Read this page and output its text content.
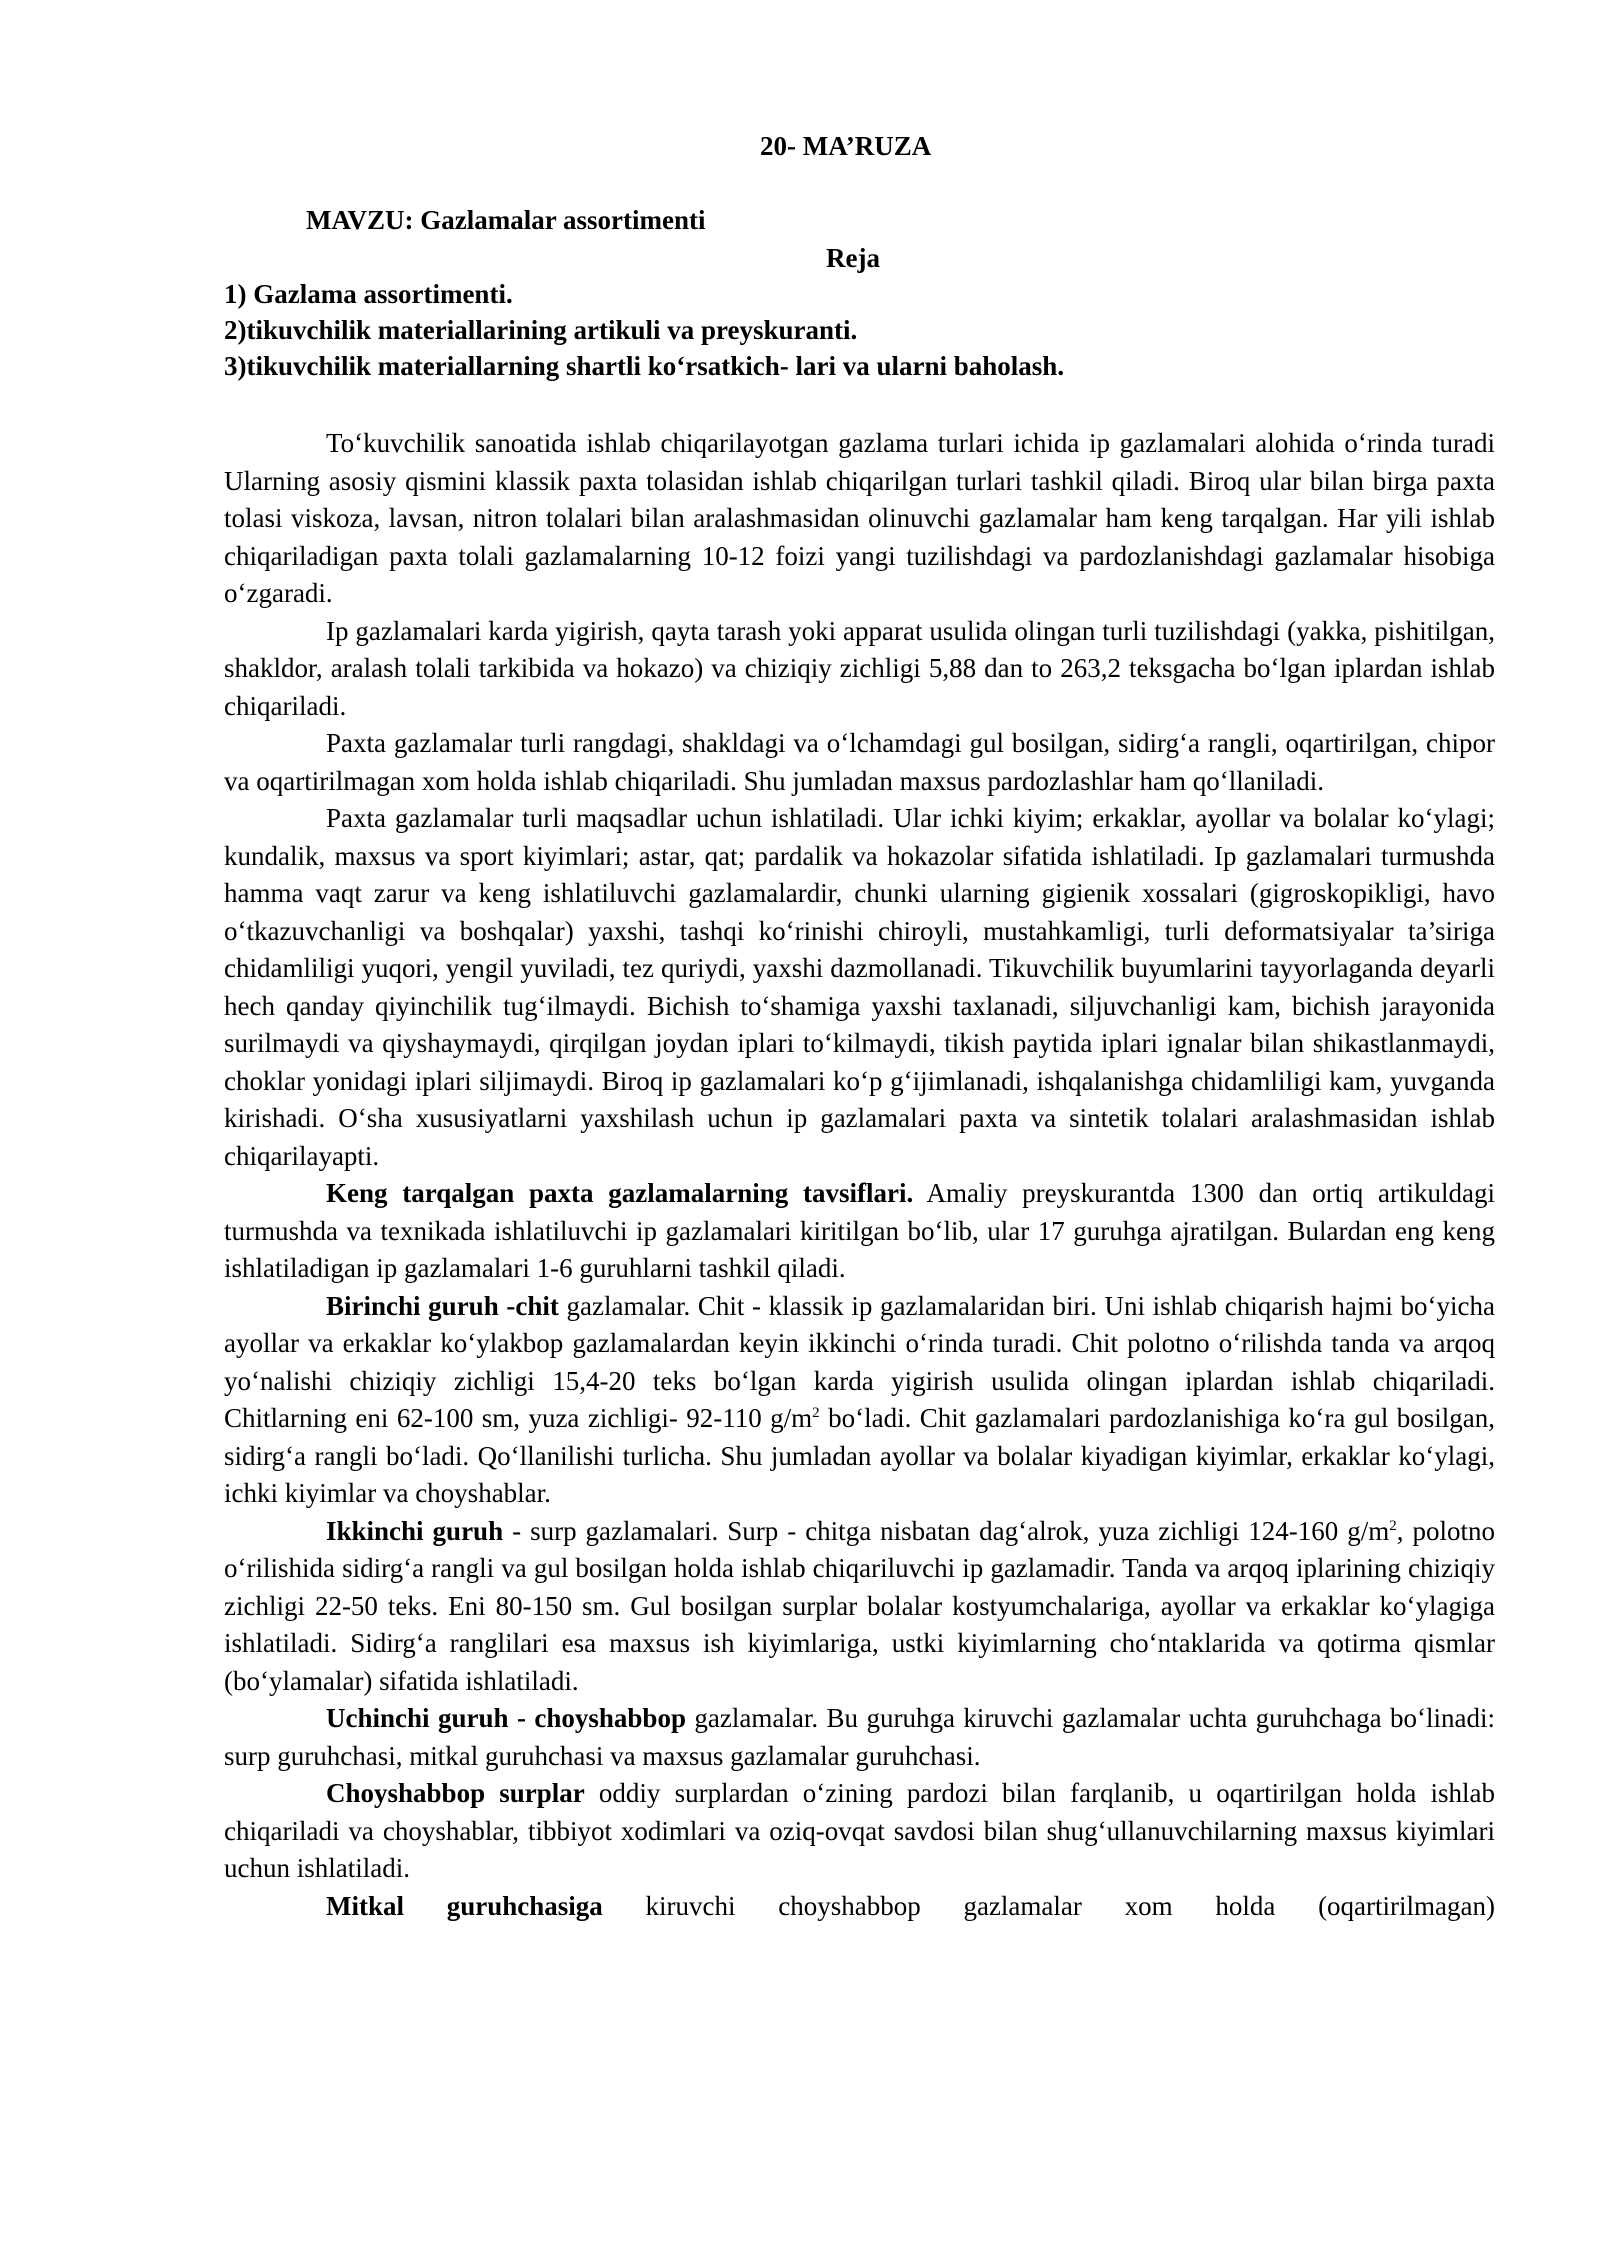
20- MA’RUZA
MAVZU: Gazlamalar assortimenti
Reja
1) Gazlama assortimenti.
2)tikuvchilik materiallarining artikuli va preyskuranti.
3)tikuvchilik materiallarning shartli ko‘rsatkich- lari va ularni baholash.

To‘kuvchilik sanoatida ishlab chiqarilayotgan gazlama turlari ichida ip gazlamalari alohida o‘rinda turadi Ularning asosiy qismini klassik paxta tolasidan ishlab chiqarilgan turlari tashkil qiladi. Biroq ular bilan birga paxta tolasi viskoza, lavsan, nitron tolalari bilan aralashmasidan olinuvchi gazlamalar ham keng tarqalgan. Har yili ishlab chiqariladigan paxta tolali gazlamalarning 10-12 foizi yangi tuzilishdagi va pardozlanishdagi gazlamalar hisobiga o‘zgaradi.

Ip gazlamalari karda yigirish, qayta tarash yoki apparat usulida olingan turli tuzilishdagi (yakka, pishitilgan, shakldor, aralash tolali tarkibida va hokazo) va chiziqiy zichligi 5,88 dan to 263,2 teksgacha bo‘lgan iplardan ishlab chiqariladi.

Paxta gazlamalar turli rangdagi, shakldagi va o‘lchamdagi gul bosilgan, sidirg‘a rangli, oqartirilgan, chipor va oqartirilmagan xom holda ishlab chiqariladi. Shu jumladan maxsus pardozlashlar ham qo‘llaniladi.

Paxta gazlamalar turli maqsadlar uchun ishlatiladi. Ular ichki kiyim; erkaklar, ayollar va bolalar ko‘ylagi; kundalik, maxsus va sport kiyimlari; astar, qat; pardalik va hokazolar sifatida ishlatiladi. Ip gazlamalari turmushda hamma vaqt zarur va keng ishlatiluvchi gazlamalardir, chunki ularning gigienik xossalari (gigroskopikligi, havo o‘tkazuvchanligi va boshqalar) yaxshi, tashqi ko‘rinishi chiroyli, mustahkamligi, turli deformatsiyalar ta’siriga chidamliligi yuqori, yengil yuviladi, tez quriydi, yaxshi dazmollanadi. Tikuvchilik buyumlarini tayyorlaganda deyarli hech qanday qiyinchilik tug‘ilmaydi. Bichish to‘shamiga yaxshi taxlanadi, siljuvchanligi kam, bichish jarayonida surilmaydi va qiyshaymaydi, qirqilgan joydan iplari to‘kilmaydi, tikish paytida iplari ignalar bilan shikastlanmaydi, choklar yonidagi iplari siljimaydi. Biroq ip gazlamalari ko‘p g‘ijimlanadi, ishqalanishga chidamliligi kam, yuvganda kirishadi. O‘sha xususiyatlarni yaxshilash uchun ip gazlamalari paxta va sintetik tolalari aralashmasidan ishlab chiqarilayapti.

Keng tarqalgan paxta gazlamalarning tavsiflari. Amaliy preyskurantda 1300 dan ortiq artikuldagi turmushda va texnikada ishlatiluvchi ip gazlamalari kiritilgan bo‘lib, ular 17 guruhga ajratilgan. Bulardan eng keng ishlatiladigan ip gazlamalari 1-6 guruhlarni tashkil qiladi.

Birinchi guruh -chit gazlamalar. Chit - klassik ip gazlamalaridan biri. Uni ishlab chiqarish hajmi bo‘yicha ayollar va erkaklar ko‘ylakbop gazlamalardan keyin ikkinchi o‘rinda turadi. Chit polotno o‘rilishda tanda va arqoq yo‘nalishi chiziqiy zichligi 15,4-20 teks bo‘lgan karda yigirish usulida olingan iplardan ishlab chiqariladi. Chitlarning eni 62-100 sm, yuza zichligi- 92-110 $g/m^2$ bo‘ladi. Chit gazlamalari pardozlanishiga ko‘ra gul bosilgan, sidirg‘a rangli bo‘ladi. Qo‘llanilishi turlicha. Shu jumladan ayollar va bolalar kiyadigan kiyimlar, erkaklar ko‘ylagi, ichki kiyimlar va choyshablar.

Ikkinchi guruh - surp gazlamalari. Surp - chitga nisbatan dag‘alrok, yuza zichligi 124-160 $g/m^2$, polotno o‘rilishida sidirg‘a rangli va gul bosilgan holda ishlab chiqariluvchi ip gazlamadir. Tanda va arqoq iplarining chiziqiy zichligi 22-50 teks. Eni 80-150 sm. Gul bosilgan surplar bolalar kostyumchalariga, ayollar va erkaklar ko‘ylagiga ishlatiladi. Sidirg‘a ranglilari esa maxsus ish kiyimlariga, ustki kiyimlarning cho‘ntaklarida va qotirma qismlar (bo‘ylamalar) sifatida ishlatiladi.

Uchinchi guruh - choyshabbop gazlamalar. Bu guruhga kiruvchi gazlamalar uchta guruhchaga bo‘linadi: surp guruhchasi, mitkal guruhchasi va maxsus gazlamalar guruhchasi.

Choyshabbop surplar oddiy surplardan o‘zining pardozi bilan farqlanib, u oqartirilgan holda ishlab chiqariladi va choyshablar, tibbiyot xodimlari va oziq-ovqat savdosi bilan shug‘ullanuvchilarning maxsus kiyimlari uchun ishlatiladi.

Mitkal guruhchasiga kiruvchi choyshabbop gazlamalar xom holda (oqartirilmagan)
